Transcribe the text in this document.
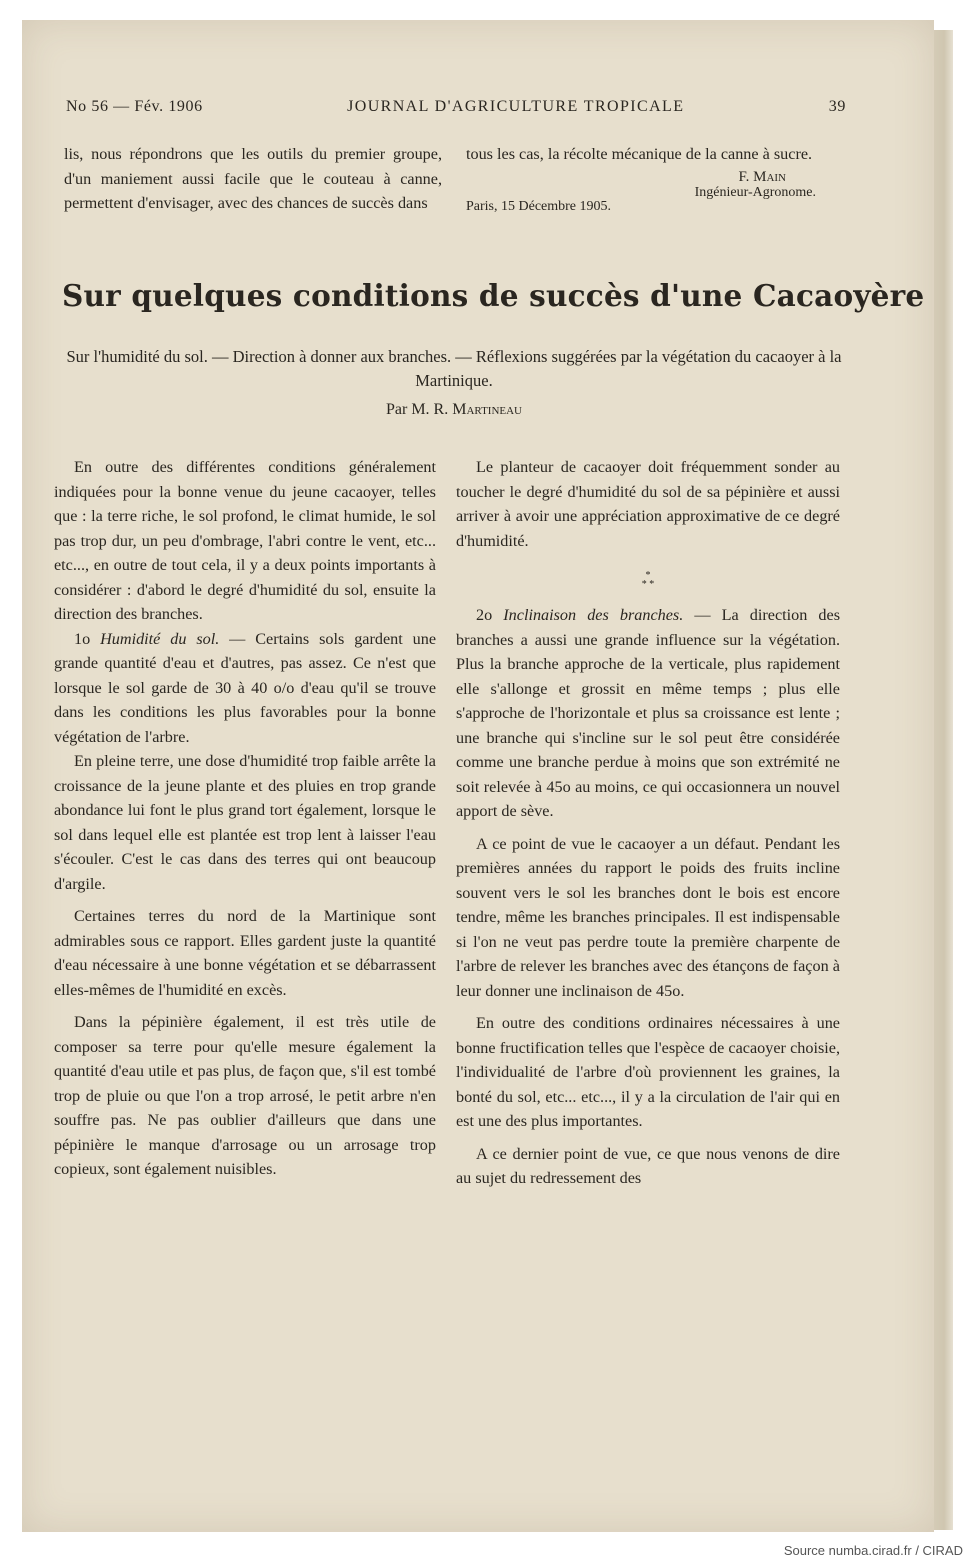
No 56 — Fév. 1906	JOURNAL D'AGRICULTURE TROPICALE	39

lis, nous répondrons que les outils du premier groupe, d'un maniement aussi facile que le couteau à canne, permettent d'envisager, avec des chances de succès dans

tous les cas, la récolte mécanique de la canne à sucre.

F. Main
Ingénieur-Agronome.
Paris, 15 Décembre 1905.
Sur quelques conditions de succès d'une Cacaoyère
Sur l'humidité du sol. — Direction à donner aux branches. — Réflexions suggérées par la végétation du cacaoyer à la Martinique.
Par M. R. Martineau

En outre des différentes conditions généralement indiquées pour la bonne venue du jeune cacaoyer, telles que : la terre riche, le sol profond, le climat humide, le sol pas trop dur, un peu d'ombrage, l'abri contre le vent, etc... etc..., en outre de tout cela, il y a deux points importants à considérer : d'abord le degré d'humidité du sol, ensuite la direction des branches.

1o Humidité du sol. — Certains sols gardent une grande quantité d'eau et d'autres, pas assez. Ce n'est que lorsque le sol garde de 30 à 40 o/o d'eau qu'il se trouve dans les conditions les plus favorables pour la bonne végétation de l'arbre.

En pleine terre, une dose d'humidité trop faible arrête la croissance de la jeune plante et des pluies en trop grande abondance lui font le plus grand tort également, lorsque le sol dans lequel elle est plantée est trop lent à laisser l'eau s'écouler. C'est le cas dans des terres qui ont beaucoup d'argile.

Certaines terres du nord de la Martinique sont admirables sous ce rapport. Elles gardent juste la quantité d'eau nécessaire à une bonne végétation et se débarrassent elles-mêmes de l'humidité en excès.

Dans la pépinière également, il est très utile de composer sa terre pour qu'elle mesure également la quantité d'eau utile et pas plus, de façon que, s'il est tombé trop de pluie ou que l'on a trop arrosé, le petit arbre n'en souffre pas. Ne pas oublier d'ailleurs que dans une pépinière le manque d'arrosage ou un arrosage trop copieux, sont également nuisibles.

Le planteur de cacaoyer doit fréquemment sonder au toucher le degré d'humidité du sol de sa pépinière et aussi arriver à avoir une appréciation approximative de ce degré d'humidité.

*
* *

2o Inclinaison des branches. — La direction des branches a aussi une grande influence sur la végétation. Plus la branche approche de la verticale, plus rapidement elle s'allonge et grossit en même temps ; plus elle s'approche de l'horizontale et plus sa croissance est lente ; une branche qui s'incline sur le sol peut être considérée comme une branche perdue à moins que son extrémité ne soit relevée à 45o au moins, ce qui occasionnera un nouvel apport de sève.

A ce point de vue le cacaoyer a un défaut. Pendant les premières années du rapport le poids des fruits incline souvent vers le sol les branches dont le bois est encore tendre, même les branches principales. Il est indispensable si l'on ne veut pas perdre toute la première charpente de l'arbre de relever les branches avec des étançons de façon à leur donner une inclinaison de 45o.

En outre des conditions ordinaires nécessaires à une bonne fructification telles que l'espèce de cacaoyer choisie, l'individualité de l'arbre d'où proviennent les graines, la bonté du sol, etc... etc..., il y a la circulation de l'air qui en est une des plus importantes.

A ce dernier point de vue, ce que nous venons de dire au sujet du redressement des

Source numba.cirad.fr / CIRAD
